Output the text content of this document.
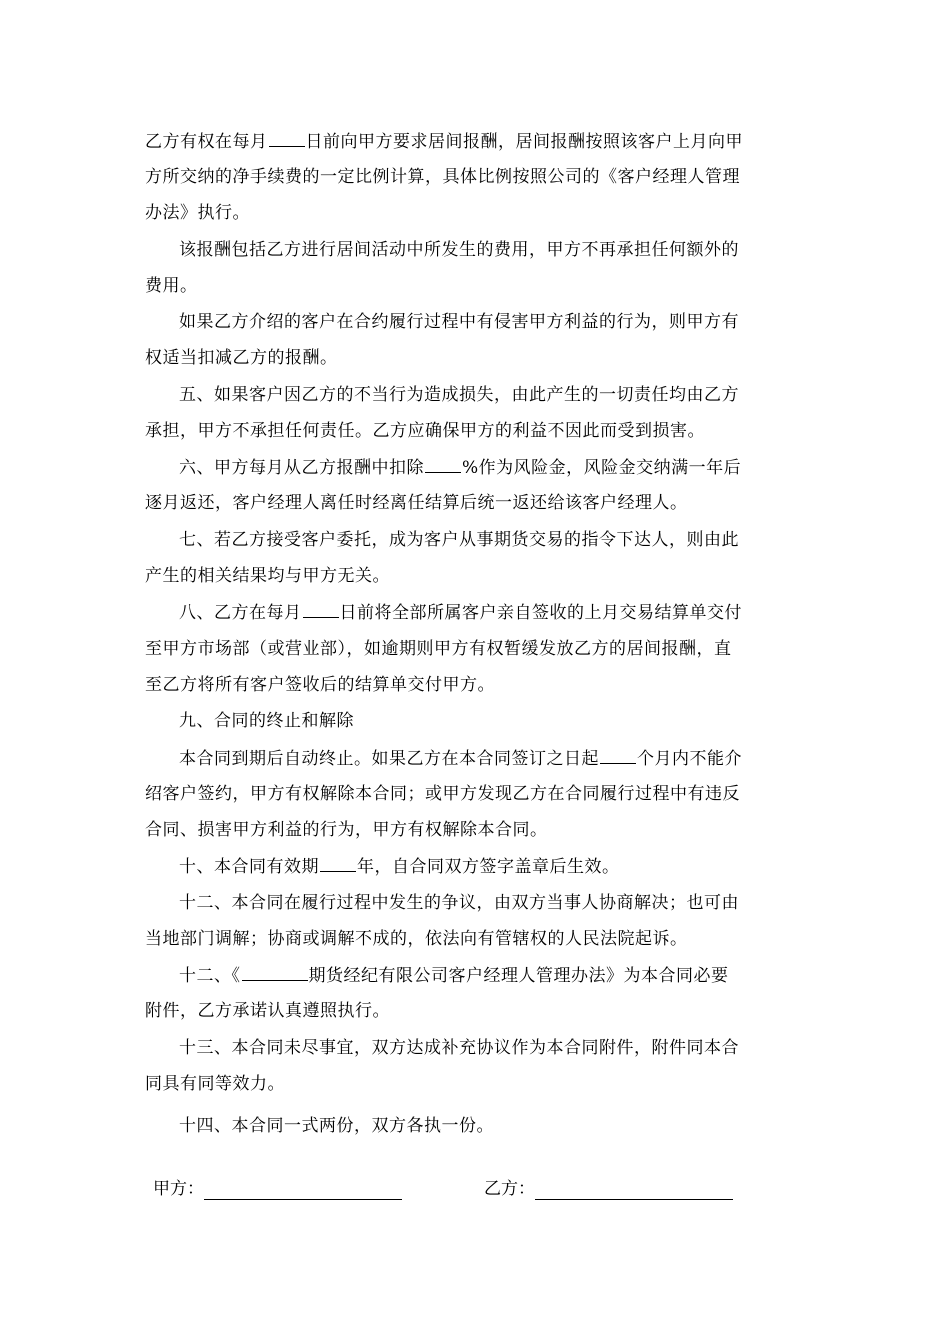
乙方有权在每月 日前向甲方要求居间报酬，居间报酬按照该客户上月向甲
方所交纳的净手续费的一定比例计算，具体比例按照公司的《客户经理人管理
办法》执行。
该报酬包括乙方进行居间活动中所发生的费用，甲方不再承担任何额外的
费用。
如果乙方介绍的客户在合约履行过程中有侵害甲方利益的行为，则甲方有
权适当扣减乙方的报酬。
五、如果客户因乙方的不当行为造成损失，由此产生的一切责任均由乙方
承担，甲方不承担任何责任。乙方应确保甲方的利益不因此而受到损害。
六、甲方每月从乙方报酬中扣除 %作为风险金，风险金交纳满一年后
逐月返还，客户经理人离任时经离任结算后统一返还给该客户经理人。
七、若乙方接受客户委托，成为客户从事期货交易的指令下达人，则由此
产生的相关结果均与甲方无关。
八、乙方在每月 日前将全部所属客户亲自签收的上月交易结算单交付
至甲方市场部（或营业部），如逾期则甲方有权暂缓发放乙方的居间报酬，直
至乙方将所有客户签收后的结算单交付甲方。
九、合同的终止和解除
本合同到期后自动终止。如果乙方在本合同签订之日起 个月内不能介
绍客户签约，甲方有权解除本合同；或甲方发现乙方在合同履行过程中有违反
合同、损害甲方利益的行为，甲方有权解除本合同。
十、本合同有效期 年，自合同双方签字盖章后生效。
十二、本合同在履行过程中发生的争议，由双方当事人协商解决；也可由
当地部门调解；协商或调解不成的，依法向有管辖权的人民法院起诉。
十二、《	期货经纪有限公司客户经理人管理办法》为本合同必要
附件，乙方承诺认真遵照执行。
十三、本合同未尽事宜，双方达成补充协议作为本合同附件，附件同本合
同具有同等效力。
十四、本合同一式两份，双方各执一份。
甲方：	乙方：
